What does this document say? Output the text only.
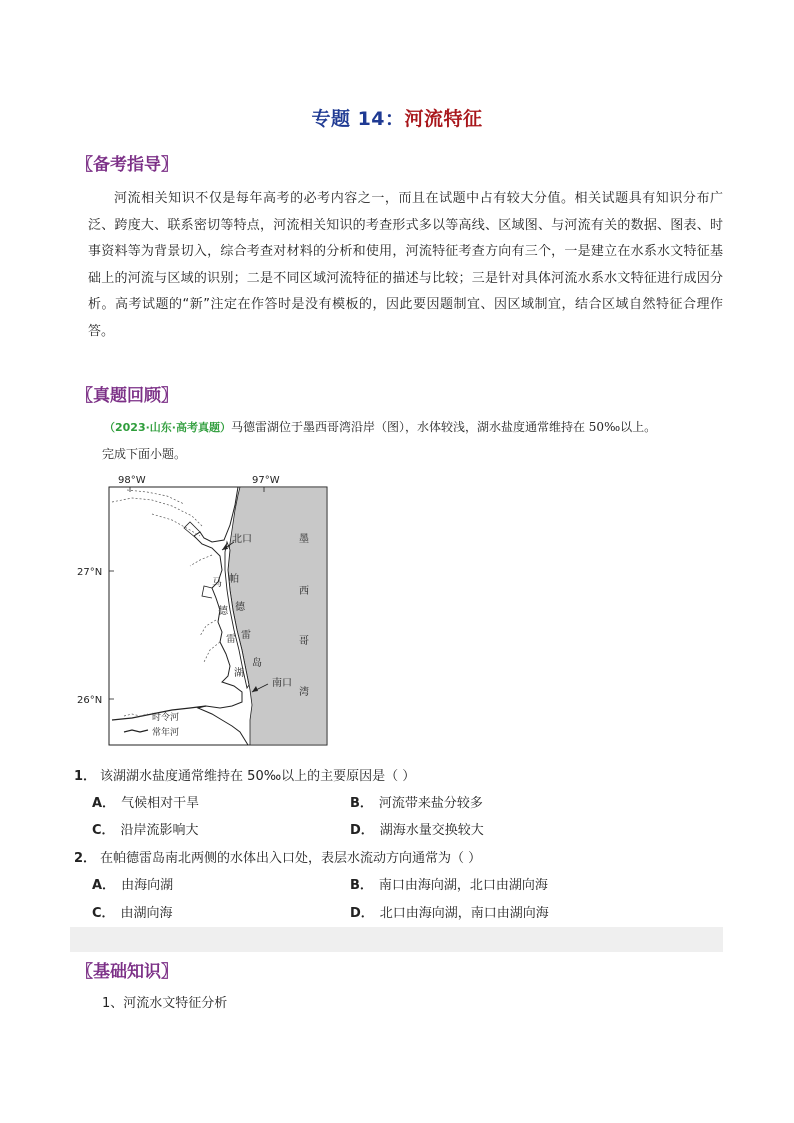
专题 14：河流特征
〖备考指导〗
河流相关知识不仅是每年高考的必考内容之一，而且在试题中占有较大分值。相关试题具有知识分布广泛、跨度大、联系密切等特点，河流相关知识的考查形式多以等高线、区域图、与河流有关的数据、图表、时事资料等为背景切入，综合考查对材料的分析和使用，河流特征考查方向有三个，一是建立在水系水文特征基础上的河流与区域的识别；二是不同区域河流特征的描述与比较；三是针对具体河流水系水文特征进行成因分析。高考试题的“新”注定在作答时是没有模板的，因此要因题制宜、因区域制宜，结合区域自然特征合理作答。
〖真题回顾〗
（2023·山东·高考真题）马德雷湖位于墨西哥湾沿岸（图），水体较浅，湖水盐度通常维持在 50‰以上。
完成下面小题。
98°W	97°W
27°N
26°N
北口
南口
帕
德
雷
岛
马
德
雷
湖
墨
西
哥
湾
时令河
常年河
1． 该湖湖水盐度通常维持在 50‰以上的主要原因是（ ）
A． 气候相对干旱	B． 河流带来盐分较多
C． 沿岸流影响大	D． 湖海水量交换较大
2． 在帕德雷岛南北两侧的水体出入口处，表层水流动方向通常为（ ）
A． 由海向湖	B． 南口由海向湖，北口由湖向海
C． 由湖向海	D． 北口由海向湖，南口由湖向海
〖基础知识〗
1、河流水文特征分析
